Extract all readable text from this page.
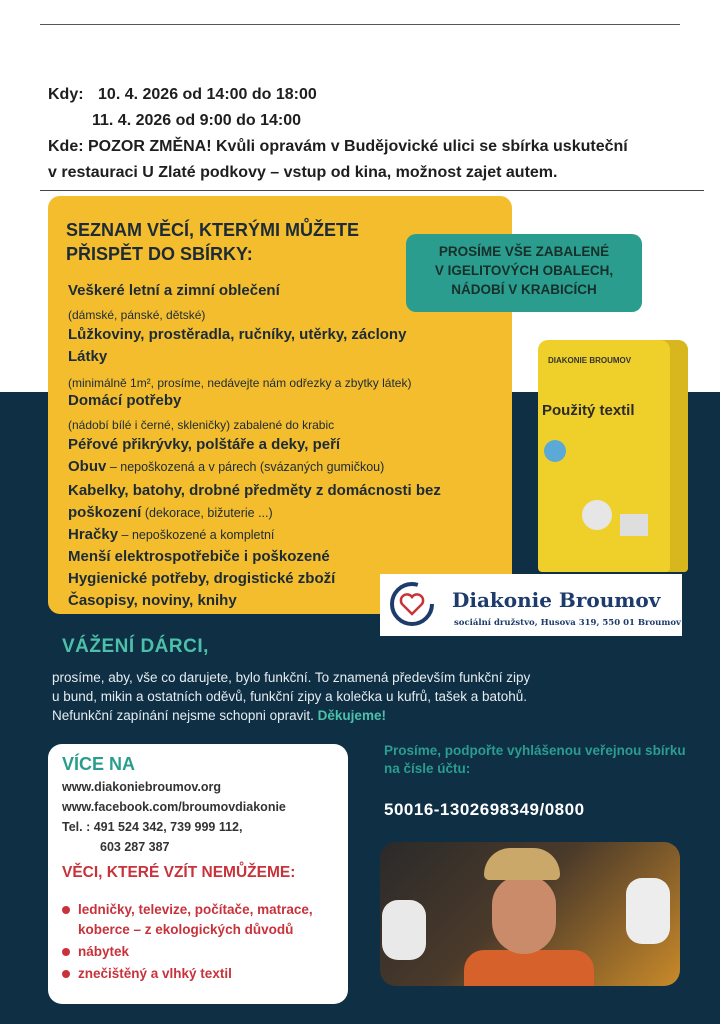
Kdy: 10. 4. 2026 od 14:00 do 18:00
11. 4. 2026 od 9:00 do 14:00
Kde: POZOR ZMĚNA! Kvůli opravám v Budějovické ulici se sbírka uskuteční
v restauraci U Zlaté podkovy – vstup od kina, možnost zajet autem.
SEZNAM VĚCÍ, KTERÝMI MŮŽETE
PŘISPĚT DO SBÍRKY:
Veškeré letní a zimní oblečení
(dámské, pánské, dětské)
Lůžkoviny, prostěradla, ručníky, utěrky, záclony
Látky
(minimálně 1m², prosíme, nedávejte nám odřezky a zbytky látek)
Domácí potřeby
(nádobí bílé i černé, skleničky) zabalené do krabic
Péřové přikrývky, polštáře a deky, peří
Obuv – nepoškozená a v párech (svázaných gumičkou)
Kabelky, batohy, drobné předměty z domácnosti bez
poškození (dekorace, bižuterie ...)
Hračky – nepoškozené a kompletní
Menší elektrospotřebiče i poškozené
Hygienické potřeby, drogistické zboží
Časopisy, noviny, knihy
PROSÍME VŠE ZABALENÉ
V IGELITOVÝCH OBALECH,
NÁDOBÍ V KRABICÍCH
DIAKONIE BROUMOV
Použitý textil
Diakonie Broumov
sociální družstvo, Husova 319, 550 01 Broumov
VÁŽENÍ DÁRCI,
prosíme, aby, vše co darujete, bylo funkční. To znamená především funkční zipy
u bund, mikin a ostatních oděvů, funkční zipy a kolečka u kufrů, tašek a batohů.
Nefunkční zapínání nejsme schopni opravit. Děkujeme!
VÍCE NA
www.diakoniebroumov.org
www.facebook.com/broumovdiakonie
Tel. : 491 524 342, 739 999 112,
603 287 387
VĚCI, KTERÉ VZÍT NEMŮŽEME:
ledničky, televize, počítače, matrace,
koberce – z ekologických důvodů
nábytek
znečištěný a vlhký textil
Prosíme, podpořte vyhlášenou veřejnou sbírku na čísle účtu:
50016-1302698349/0800
